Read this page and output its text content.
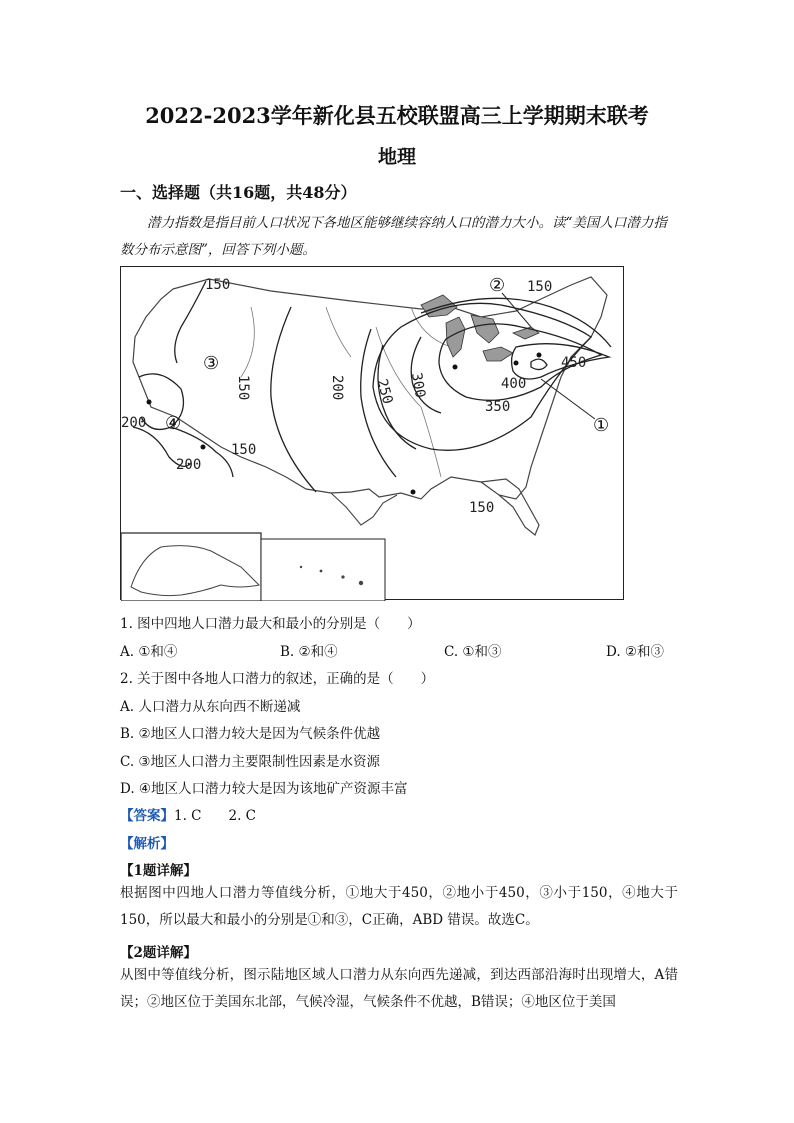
2022-2023学年新化县五校联盟高三上学期期末联考
地理
一、选择题（共16题，共48分）
潜力指数是指目前人口状况下各地区能够继续容纳人口的潜力大小。读“美国人口潜力指数分布示意图”，回答下列小题。
150	150
150	200 250 300
350
400
450
150
200
200
150
①
②
③
④
1. 图中四地人口潜力最大和最小的分别是（　　）
A. ①和④	B. ②和④	C. ①和③	D. ②和③
2. 关于图中各地人口潜力的叙述，正确的是（　　）
A. 人口潜力从东向西不断递减
B. ②地区人口潜力较大是因为气候条件优越
C. ③地区人口潜力主要限制性因素是水资源
D. ④地区人口潜力较大是因为该地矿产资源丰富
【答案】1. C　　2. C
【解析】
【1题详解】
根据图中四地人口潜力等值线分析，①地大于450，②地小于450，③小于150，④地大于150，所以最大和最小的分别是①和③，C正确，ABD 错误。故选C。
【2题详解】
从图中等值线分析，图示陆地区域人口潜力从东向西先递减，到达西部沿海时出现增大，A错误；②地区位于美国东北部，气候冷湿，气候条件不优越，B错误；④地区位于美国
